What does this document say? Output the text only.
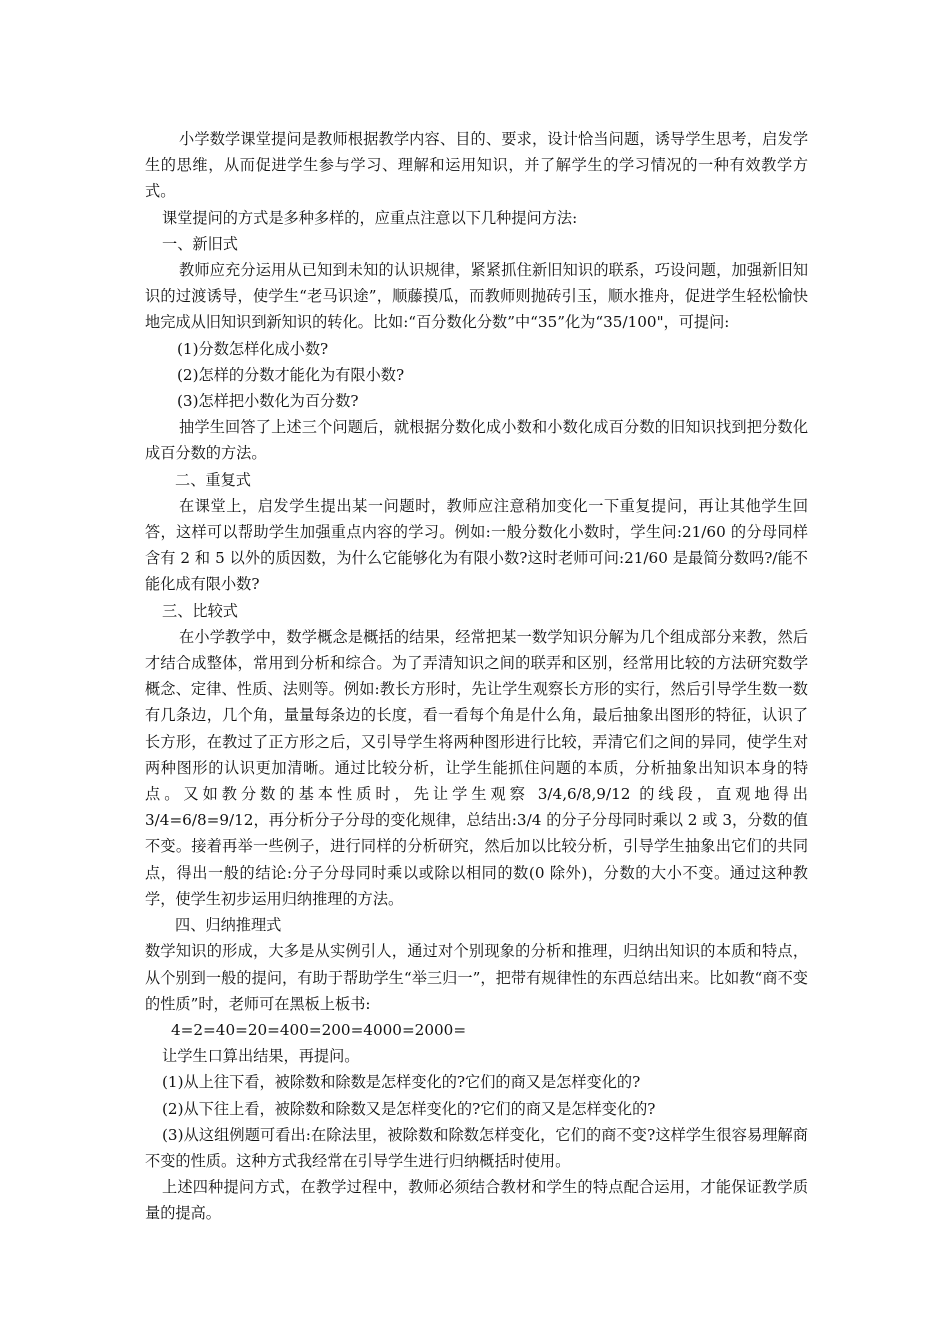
小学数学课堂提问是教师根据教学内容、目的、要求，设计恰当问题，诱导学生思考，启发学生的思维，从而促进学生参与学习、理解和运用知识，并了解学生的学习情况的一种有效教学方式。

课堂提问的方式是多种多样的，应重点注意以下几种提问方法:

一、新旧式

教师应充分运用从已知到未知的认识规律，紧紧抓住新旧知识的联系，巧设问题，加强新旧知识的过渡诱导，使学生“老马识途”，顺藤摸瓜，而教师则抛砖引玉，顺水推舟，促进学生轻松愉快地完成从旧知识到新知识的转化。比如:“百分数化分数”中“35”化为“35/100"，可提问:

(1)分数怎样化成小数?

(2)怎样的分数才能化为有限小数?

(3)怎样把小数化为百分数?

抽学生回答了上述三个问题后，就根据分数化成小数和小数化成百分数的旧知识找到把分数化成百分数的方法。

二、重复式

在课堂上，启发学生提出某一问题时，教师应注意稍加变化一下重复提问，再让其他学生回答，这样可以帮助学生加强重点内容的学习。例如:一般分数化小数时，学生问:21/60 的分母同样含有 2 和 5 以外的质因数，为什么它能够化为有限小数?这时老师可问:21/60 是最简分数吗?/能不能化成有限小数?

三、比较式

在小学教学中，数学概念是概括的结果，经常把某一数学知识分解为几个组成部分来教，然后才结合成整体，常用到分析和综合。为了弄清知识之间的联弄和区别，经常用比较的方法研究数学概念、定律、性质、法则等。例如:教长方形时，先让学生观察长方形的实行，然后引导学生数一数有几条边，几个角，量量每条边的长度，看一看每个角是什么角，最后抽象出图形的特征，认识了长方形，在教过了正方形之后，又引导学生将两种图形进行比较，弄清它们之间的异同，使学生对两种图形的认识更加清晰。通过比较分析，让学生能抓住问题的本质，分析抽象出知识本身的特点。又如教分数的基本性质时，先让学生观察 3/4,6/8,9/12 的线段，直观地得出 3/4=6/8=9/12，再分析分子分母的变化规律，总结出:3/4 的分子分母同时乘以 2 或 3，分数的值不变。接着再举一些例子，进行同样的分析研究，然后加以比较分析，引导学生抽象出它们的共同点，得出一般的结论:分子分母同时乘以或除以相同的数(0 除外)，分数的大小不变。通过这种教学，使学生初步运用归纳推理的方法。

四、归纳推理式

数学知识的形成，大多是从实例引人，通过对个别现象的分析和推理，归纳出知识的本质和特点，从个别到一般的提问，有助于帮助学生“举三归一”，把带有规律性的东西总结出来。比如教“商不变的性质”时，老师可在黑板上板书:

4=2=40=20=400=200=4000=2000=

让学生口算出结果，再提问。

(1)从上往下看，被除数和除数是怎样变化的?它们的商又是怎样变化的?

(2)从下往上看，被除数和除数又是怎样变化的?它们的商又是怎样变化的?

(3)从这组例题可看出:在除法里，被除数和除数怎样变化，它们的商不变?这样学生很容易理解商不变的性质。这种方式我经常在引导学生进行归纳概括时使用。

上述四种提问方式，在教学过程中，教师必须结合教材和学生的特点配合运用，才能保证教学质量的提高。
